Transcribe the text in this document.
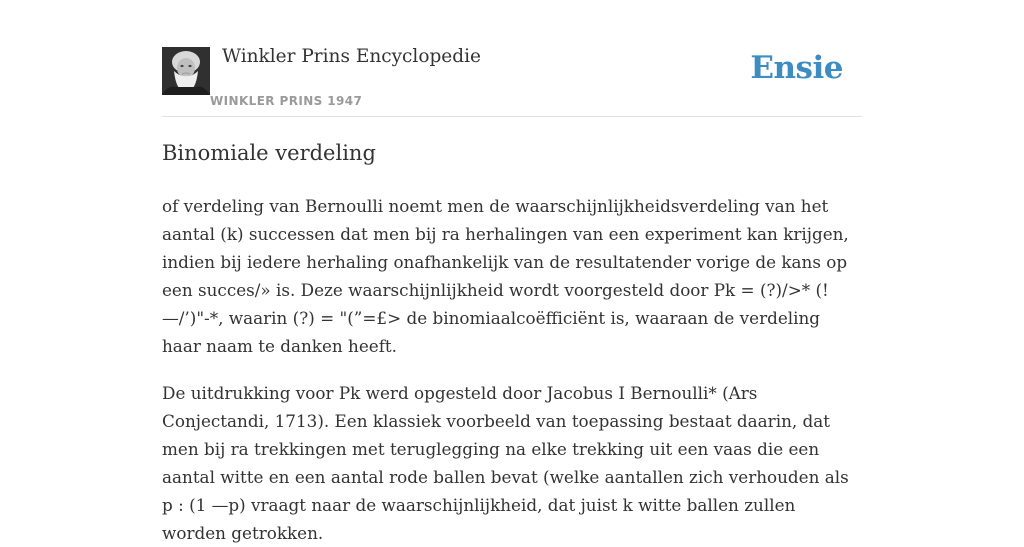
Winkler Prins Encyclopedie
WINKLER PRINS 1947
Ensie
Binomiale verdeling

of verdeling van Bernoulli noemt men de waarschijnlijkheidsverdeling van het aantal (k) successen dat men bij ra herhalingen van een experiment kan krijgen, indien bij iedere herhaling onafhankelijk van de resultatender vorige de kans op een succes/» is. Deze waarschijnlijkheid wordt voorgesteld door Pk = (?)/>* (!—/’)"-*, waarin (?) = "(”=£> de binomiaalcoëfficiënt is, waaraan de verdeling haar naam te danken heeft.

De uitdrukking voor Pk werd opgesteld door Jacobus I Bernoulli* (Ars Conjectandi, 1713). Een klassiek voorbeeld van toepassing bestaat daarin, dat men bij ra trekkingen met teruglegging na elke trekking uit een vaas die een aantal witte en een aantal rode ballen bevat (welke aantallen zich verhouden als p : (1 —p) vraagt naar de waarschijnlijkheid, dat juist k witte ballen zullen worden getrokken.
